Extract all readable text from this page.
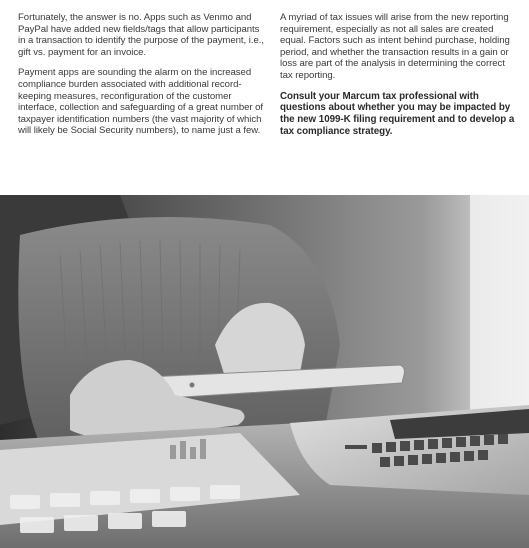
Fortunately, the answer is no. Apps such as Venmo and PayPal have added new fields/tags that allow participants in a transaction to identify the purpose of the payment, i.e., gift vs. payment for an invoice.

Payment apps are sounding the alarm on the increased compliance burden associated with additional record-keeping measures, reconfiguration of the customer interface, collection and safeguarding of a great number of taxpayer identification numbers (the vast majority of which will likely be Social Security numbers), to name just a few.

A myriad of tax issues will arise from the new reporting requirement, especially as not all sales are created equal. Factors such as intent behind purchase, holding period, and whether the transaction results in a gain or loss are part of the analysis in determining the correct tax reporting.

Consult your Marcum tax professional with questions about whether you may be impacted by the new 1099-K filing requirement and to develop a tax compliance strategy.
